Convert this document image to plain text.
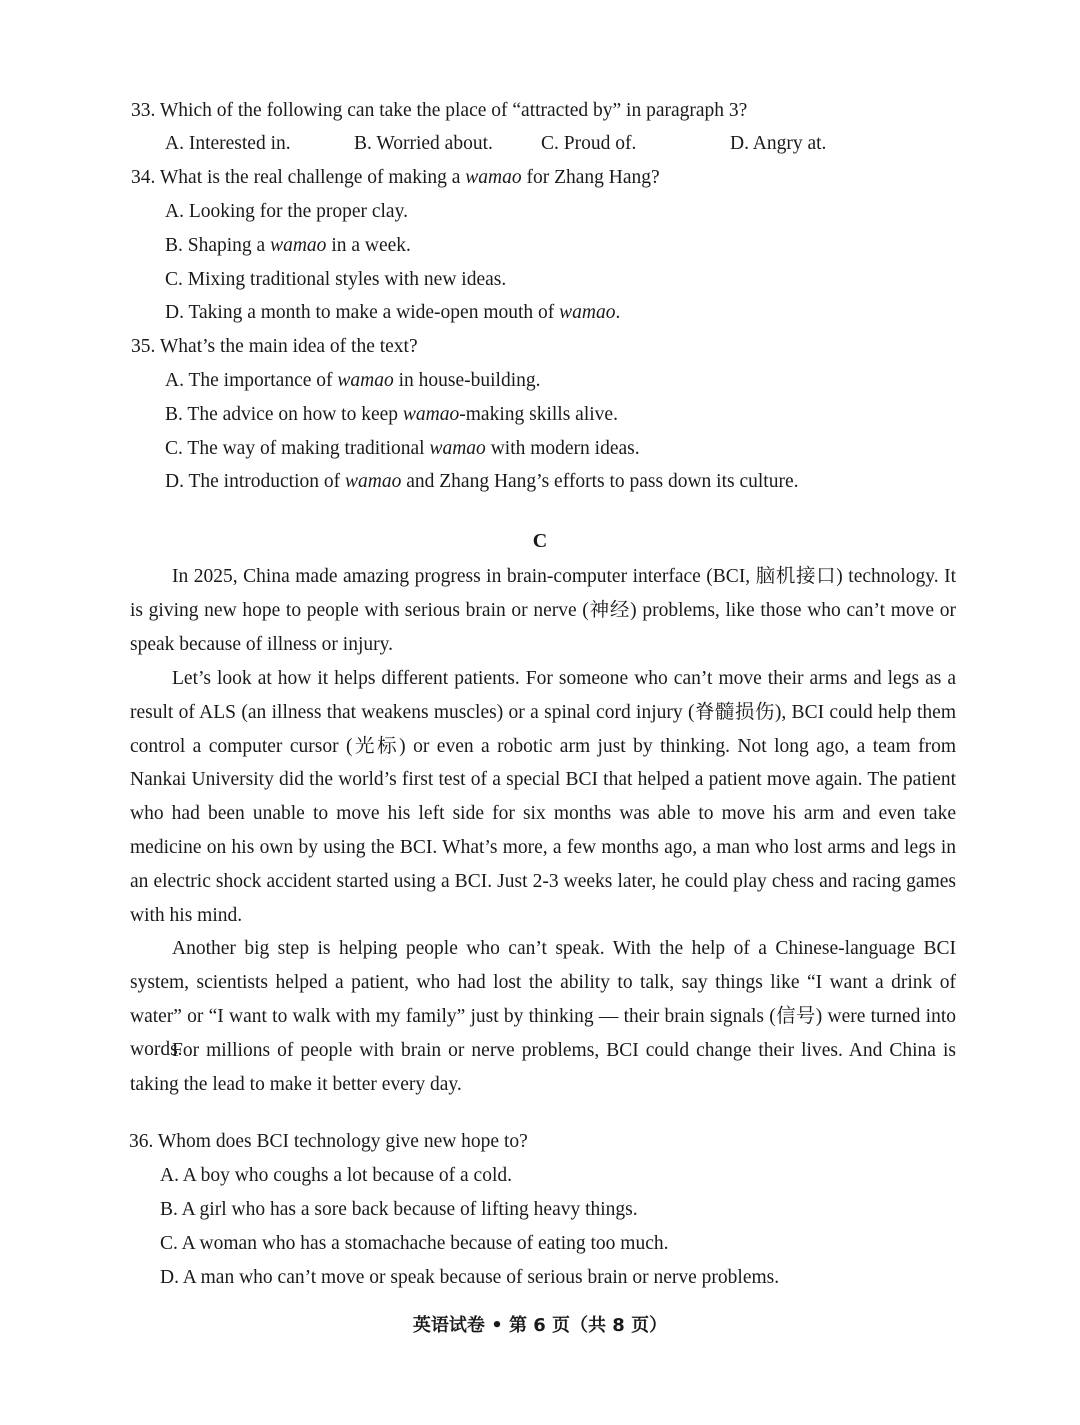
33. Which of the following can take the place of “attracted by” in paragraph 3?
A. Interested in.	B. Worried about. C. Proud of.	D. Angry at.
34. What is the real challenge of making a wamao for Zhang Hang?
A. Looking for the proper clay.
B. Shaping a wamao in a week.
C. Mixing traditional styles with new ideas.
D. Taking a month to make a wide-open mouth of wamao.
35. What’s the main idea of the text?
A. The importance of wamao in house-building.
B. The advice on how to keep wamao-making skills alive.
C. The way of making traditional wamao with modern ideas.
D. The introduction of wamao and Zhang Hang’s efforts to pass down its culture.
C
In 2025, China made amazing progress in brain-computer interface (BCI, 脑机接口) technology. It is giving new hope to people with serious brain or nerve (神经) problems, like those who can’t move or speak because of illness or injury.
Let’s look at how it helps different patients. For someone who can’t move their arms and legs as a result of ALS (an illness that weakens muscles) or a spinal cord injury (脊髓损伤), BCI could help them control a computer cursor (光标) or even a robotic arm just by thinking. Not long ago, a team from Nankai University did the world’s first test of a special BCI that helped a patient move again. The patient who had been unable to move his left side for six months was able to move his arm and even take medicine on his own by using the BCI. What’s more, a few months ago, a man who lost arms and legs in an electric shock accident started using a BCI. Just 2-3 weeks later, he could play chess and racing games with his mind.
Another big step is helping people who can’t speak. With the help of a Chinese-language BCI system, scientists helped a patient, who had lost the ability to talk, say things like “I want a drink of water” or “I want to walk with my family” just by thinking — their brain signals (信号) were turned into words.
For millions of people with brain or nerve problems, BCI could change their lives. And China is taking the lead to make it better every day.
36. Whom does BCI technology give new hope to?
A. A boy who coughs a lot because of a cold.
B. A girl who has a sore back because of lifting heavy things.
C. A woman who has a stomachache because of eating too much.
D. A man who can’t move or speak because of serious brain or nerve problems.
英语试卷 • 第 6 页（共 8 页）
